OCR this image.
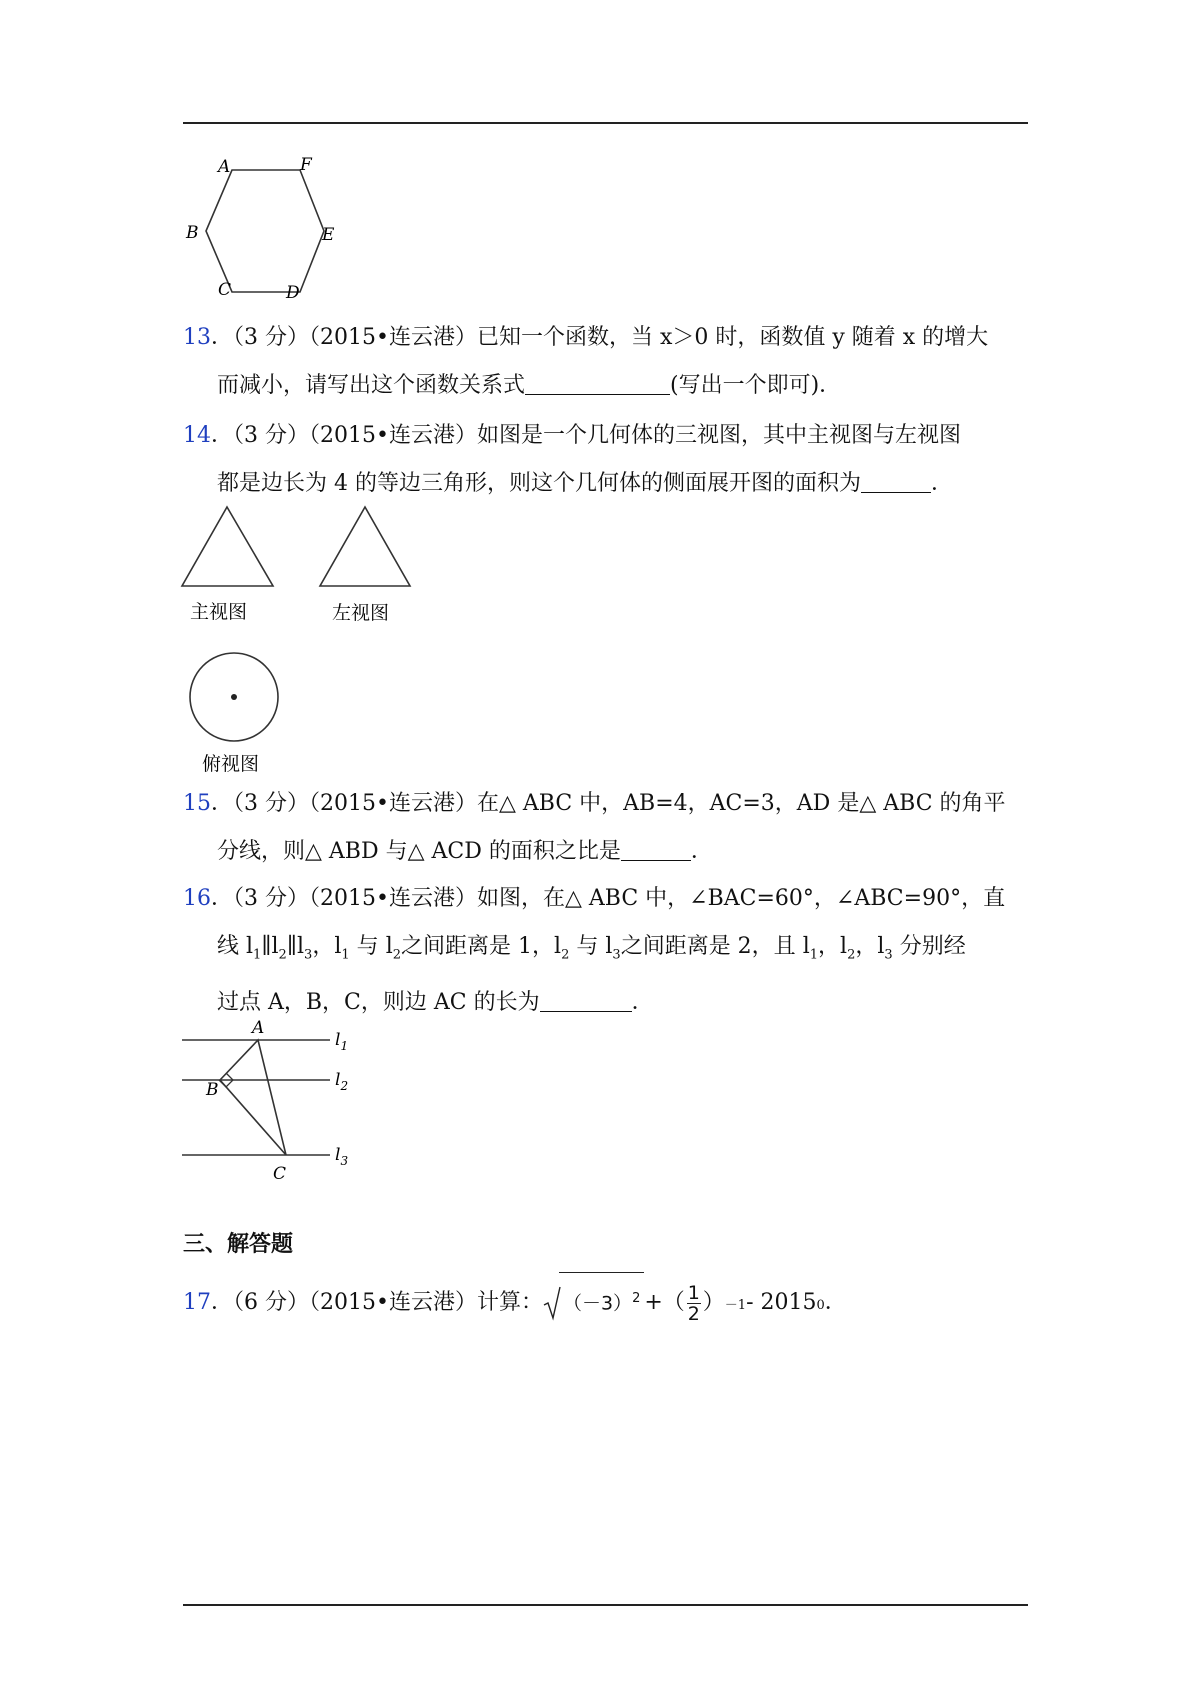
A	F
B	E
C	D
13．（3 分）（2015•连云港）已知一个函数，当 x＞0 时，函数值 y 随着 x 的增大
而减小，请写出这个函数关系式	(写出一个即可)．
14．（3 分）（2015•连云港）如图是一个几何体的三视图，其中主视图与左视图
都是边长为 4 的等边三角形，则这个几何体的侧面展开图的面积为	．
主视图	左视图
俯视图
15．（3 分）（2015•连云港）在△ ABC 中，AB=4，AC=3，AD 是△ ABC 的角平
分线，则△ ABD 与△ ACD 的面积之比是	．
16．（3 分）（2015•连云港）如图，在△ ABC 中，∠BAC=60°，∠ABC=90°，直
线 $l_1\parallel l_2\parallel l_3$，$l_1$ 与 $l_2$之间距离是 1，$l_2$ 与 $l_3$之间距离是 2，且 $l_1$，$l_2$，$l_3$ 分别经
过点 A，B，C，则边 AC 的长为	．
A
B
C
$l_1$
$l_2$
$l_3$
三、解答题
17 ．（6 分）（2015•连云港）计算： $(-3)^2$ +（ 1
2 ） －1 - 2015 0 ．
